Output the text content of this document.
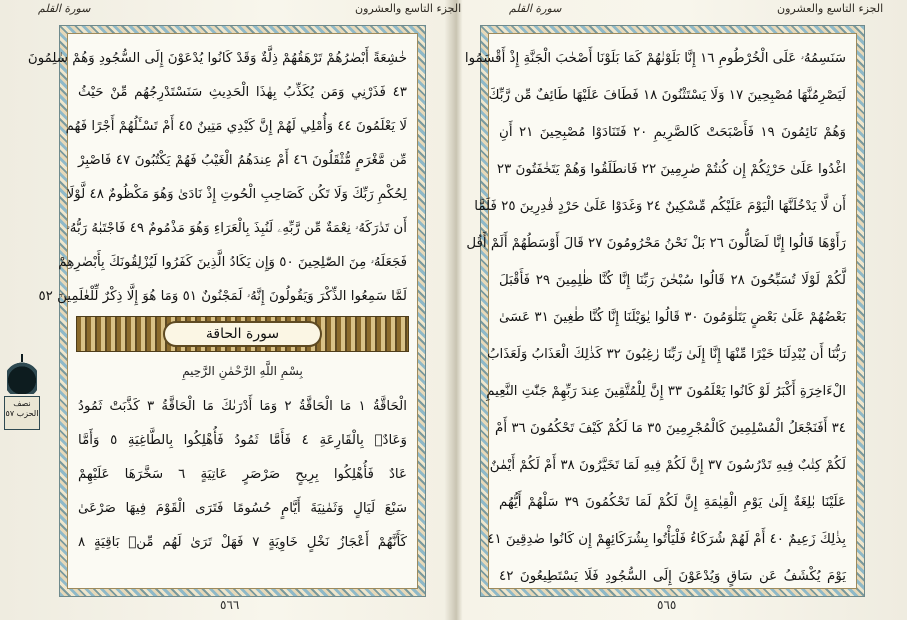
سورة القلم	الجزء التاسع والعشرون
نصف الحزب ٥٧
خٰشِعَةً أَبْصٰرُهُمْ تَرْهَقُهُمْ ذِلَّةٌ وَقَدْ كَانُوا يُدْعَوْنَ إِلَى السُّجُودِ وَهُمْ سٰلِمُونَ
٤٣ فَذَرْنِي وَمَن يُكَذِّبُ بِهٰذَا الْحَدِيثِ سَنَسْتَدْرِجُهُم مِّنْ حَيْثُ
لَا يَعْلَمُونَ ٤٤ وَأُمْلِي لَهُمْ إِنَّ كَيْدِي مَتِينٌ ٤٥ أَمْ تَسْـَٔلُهُمْ أَجْرًا فَهُم
مِّن مَّغْرَمٍ مُّثْقَلُونَ ٤٦ أَمْ عِندَهُمُ الْغَيْبُ فَهُمْ يَكْتُبُونَ ٤٧ فَاصْبِرْ
لِحُكْمِ رَبِّكَ وَلَا تَكُن كَصَاحِبِ الْحُوتِ إِذْ نَادَىٰ وَهُوَ مَكْظُومٌ ٤٨ لَّوْلَا
أَن تَدٰرَكَهُۥ نِعْمَةٌ مِّن رَّبِّهِۦ لَنُبِذَ بِالْعَرَاءِ وَهُوَ مَذْمُومٌ ٤٩ فَاجْتَبٰهُ رَبُّهُۥ
فَجَعَلَهُۥ مِنَ الصّٰلِحِينَ ٥٠ وَإِن يَكَادُ الَّذِينَ كَفَرُوا لَيُزْلِقُونَكَ بِأَبْصٰرِهِمْ
لَمَّا سَمِعُوا الذِّكْرَ وَيَقُولُونَ إِنَّهُۥ لَمَجْنُونٌ ٥١ وَمَا هُوَ إِلَّا ذِكْرٌ لِّلْعٰلَمِينَ ٥٢
سورة الحاقة
بِسْمِ اللَّهِ الرَّحْمٰنِ الرَّحِيمِ
الْحَاقَّةُ ١ مَا الْحَاقَّةُ ٢ وَمَا أَدْرَىٰكَ مَا الْحَاقَّةُ ٣ كَذَّبَتْ ثَمُودُ
وَعَادٌۢ بِالْقَارِعَةِ ٤ فَأَمَّا ثَمُودُ فَأُهْلِكُوا بِالطَّاغِيَةِ ٥ وَأَمَّا
عَادٌ فَأُهْلِكُوا بِرِيحٍ صَرْصَرٍ عَاتِيَةٍ ٦ سَخَّرَهَا عَلَيْهِمْ
سَبْعَ لَيَالٍ وَثَمٰنِيَةَ أَيَّامٍ حُسُومًا فَتَرَى الْقَوْمَ فِيهَا صَرْعَىٰ
كَأَنَّهُمْ أَعْجَازُ نَخْلٍ خَاوِيَةٍ ٧ فَهَلْ تَرَىٰ لَهُم مِّنۢ بَاقِيَةٍ ٨
٥٦٦
سورة القلم	الجزء التاسع والعشرون
سَنَسِمُهُۥ عَلَى الْخُرْطُومِ ١٦ إِنَّا بَلَوْنٰهُمْ كَمَا بَلَوْنَا أَصْحٰبَ الْجَنَّةِ إِذْ أَقْسَمُوا
لَيَصْرِمُنَّهَا مُصْبِحِينَ ١٧ وَلَا يَسْتَثْنُونَ ١٨ فَطَافَ عَلَيْهَا طَائِفٌ مِّن رَّبِّكَ
وَهُمْ نَائِمُونَ ١٩ فَأَصْبَحَتْ كَالصَّرِيمِ ٢٠ فَتَنَادَوْا مُصْبِحِينَ ٢١ أَنِ
اغْدُوا عَلَىٰ حَرْثِكُمْ إِن كُنتُمْ صٰرِمِينَ ٢٢ فَانطَلَقُوا وَهُمْ يَتَخٰفَتُونَ ٢٣
أَن لَّا يَدْخُلَنَّهَا الْيَوْمَ عَلَيْكُم مِّسْكِينٌ ٢٤ وَغَدَوْا عَلَىٰ حَرْدٍ قٰدِرِينَ ٢٥ فَلَمَّا
رَأَوْهَا قَالُوا إِنَّا لَضَالُّونَ ٢٦ بَلْ نَحْنُ مَحْرُومُونَ ٢٧ قَالَ أَوْسَطُهُمْ أَلَمْ أَقُل
لَّكُمْ لَوْلَا تُسَبِّحُونَ ٢٨ قَالُوا سُبْحٰنَ رَبِّنَا إِنَّا كُنَّا ظٰلِمِينَ ٢٩ فَأَقْبَلَ
بَعْضُهُمْ عَلَىٰ بَعْضٍ يَتَلٰوَمُونَ ٣٠ قَالُوا يٰوَيْلَنَا إِنَّا كُنَّا طٰغِينَ ٣١ عَسَىٰ
رَبُّنَا أَن يُبْدِلَنَا خَيْرًا مِّنْهَا إِنَّا إِلَىٰ رَبِّنَا رٰغِبُونَ ٣٢ كَذٰلِكَ الْعَذَابُ وَلَعَذَابُ
الْءَاخِرَةِ أَكْبَرُ لَوْ كَانُوا يَعْلَمُونَ ٣٣ إِنَّ لِلْمُتَّقِينَ عِندَ رَبِّهِمْ جَنّٰتِ النَّعِيمِ
٣٤ أَفَنَجْعَلُ الْمُسْلِمِينَ كَالْمُجْرِمِينَ ٣٥ مَا لَكُمْ كَيْفَ تَحْكُمُونَ ٣٦ أَمْ
لَكُمْ كِتٰبٌ فِيهِ تَدْرُسُونَ ٣٧ إِنَّ لَكُمْ فِيهِ لَمَا تَخَيَّرُونَ ٣٨ أَمْ لَكُمْ أَيْمٰنٌ
عَلَيْنَا بٰلِغَةٌ إِلَىٰ يَوْمِ الْقِيٰمَةِ إِنَّ لَكُمْ لَمَا تَحْكُمُونَ ٣٩ سَلْهُمْ أَيُّهُم
بِذٰلِكَ زَعِيمٌ ٤٠ أَمْ لَهُمْ شُرَكَاءُ فَلْيَأْتُوا بِشُرَكَائِهِمْ إِن كَانُوا صٰدِقِينَ ٤١
يَوْمَ يُكْشَفُ عَن سَاقٍ وَيُدْعَوْنَ إِلَى السُّجُودِ فَلَا يَسْتَطِيعُونَ ٤٢
٥٦٥
